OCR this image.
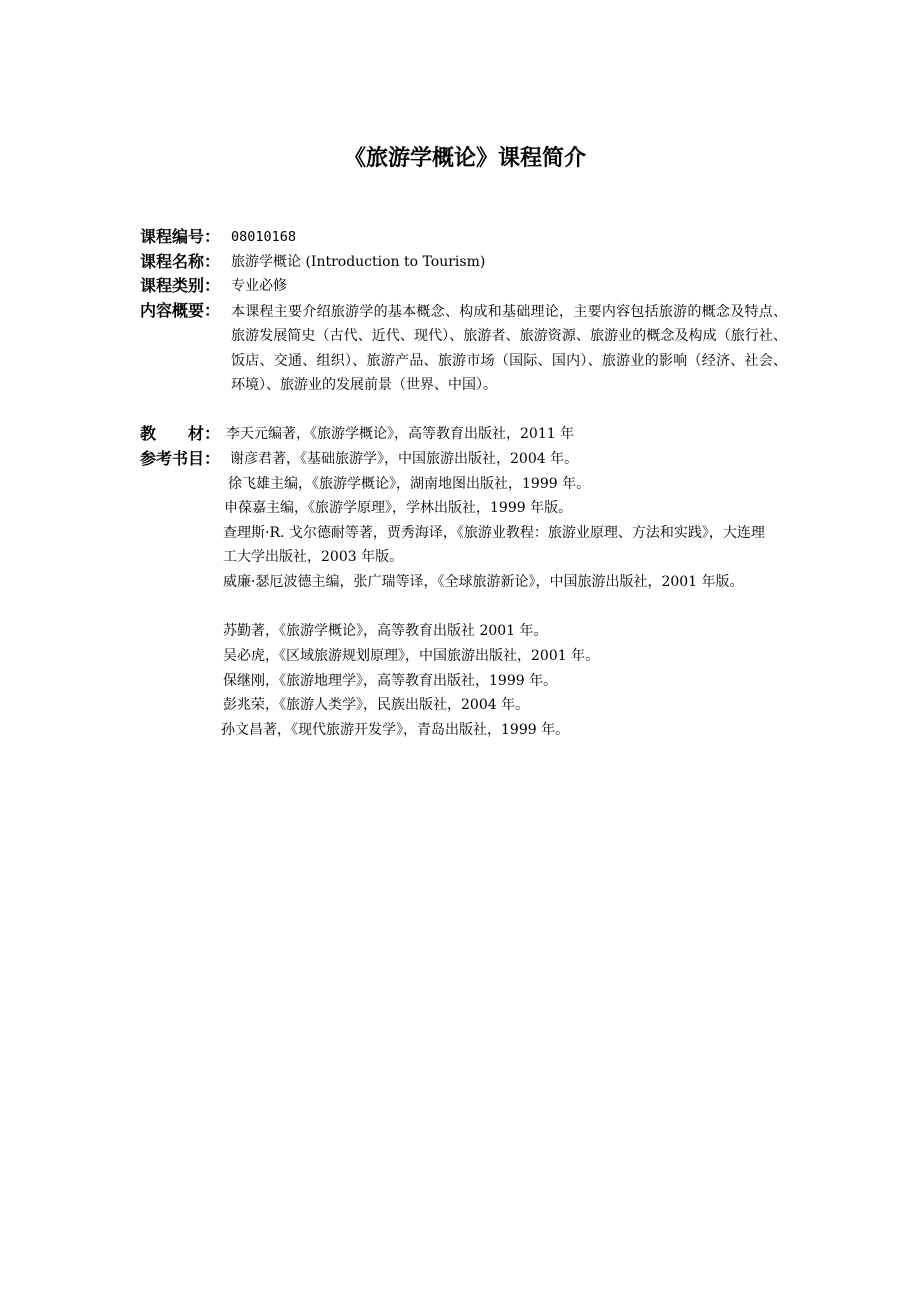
《旅游学概论》课程简介
课程编号： 08010168
课程名称： 旅游学概论 (Introduction to Tourism)
课程类别： 专业必修
内容概要： 本课程主要介绍旅游学的基本概念、构成和基础理论，主要内容包括旅游的概念及特点、旅游发展简史（古代、近代、现代）、旅游者、旅游资源、旅游业的概念及构成（旅行社、饭店、交通、组织）、旅游产品、旅游市场（国际、国内）、旅游业的影响（经济、社会、环境）、旅游业的发展前景（世界、中国）。
教　　材： 李天元编著，《旅游学概论》，高等教育出版社，2011 年
参考书目： 谢彦君著，《基础旅游学》，中国旅游出版社，2004 年。
徐飞雄主编，《旅游学概论》，湖南地图出版社，1999 年。
申葆嘉主编，《旅游学原理》，学林出版社，1999 年版。
查理斯·R. 戈尔德耐等著，贾秀海译，《旅游业教程：旅游业原理、方法和实践》，大连理工大学出版社，2003 年版。
威廉·瑟厄波德主编，张广瑞等译，《全球旅游新论》，中国旅游出版社，2001 年版。
苏勤著，《旅游学概论》，高等教育出版社 2001 年。
吴必虎，《区域旅游规划原理》，中国旅游出版社，2001 年。
保继刚，《旅游地理学》，高等教育出版社，1999 年。
彭兆荣，《旅游人类学》，民族出版社，2004 年。
孙文昌著，《现代旅游开发学》，青岛出版社，1999 年。
